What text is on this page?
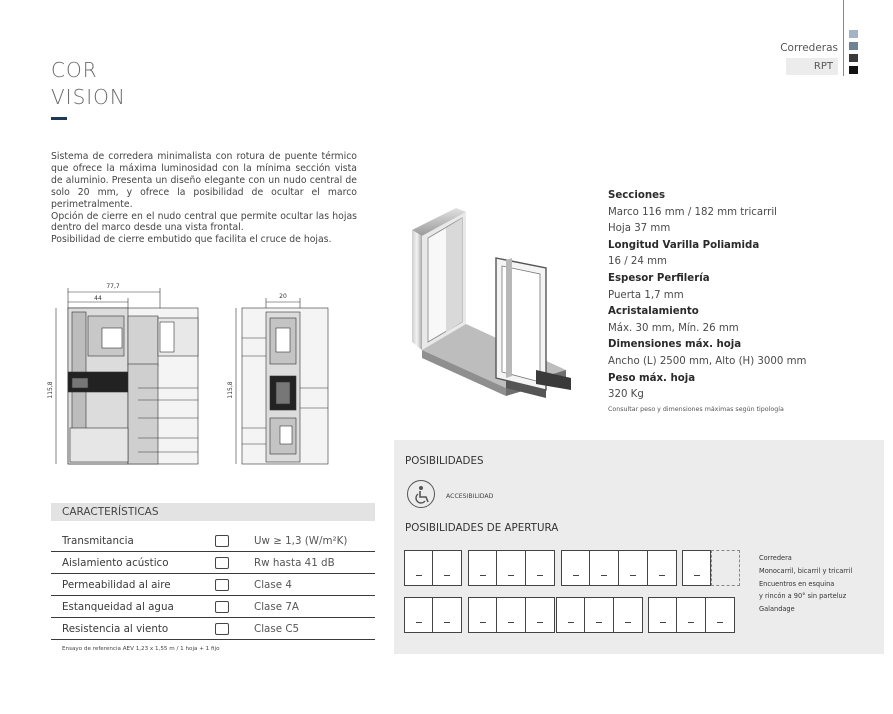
Correderas
RPT
COR
VISION

Sistema de corredera minimalista con rotura de puente térmico que ofrece la máxima luminosidad con la mínima sección vista de aluminio. Presenta un diseño elegante con un nudo central de solo 20 mm, y ofrece la posibilidad de ocultar el marco perimetralmente.

Opción de cierre en el nudo central que permite ocultar las hojas dentro del marco desde una vista frontal.

Posibilidad de cierre embutido que facilita el cruce de hojas.

77,7
44	20
115,8	115,8
Secciones
Marco 116 mm / 182 mm tricarril
Hoja 37 mm
Longitud Varilla Poliamida
16 / 24 mm
Espesor Perfilería
Puerta 1,7 mm
Acristalamiento
Máx. 30 mm, Mín. 26 mm
Dimensiones máx. hoja
Ancho (L) 2500 mm, Alto (H) 3000 mm
Peso máx. hoja
320 Kg
Consultar peso y dimensiones máximas según tipología
CARACTERÍSTICAS
Transmitancia	Uw ≥ 1,3 (W/m²K)
Aislamiento acústico	Rw hasta 41 dB
Permeabilidad al aire	Clase 4
Estanqueidad al agua	Clase 7A
Resistencia al viento	Clase C5
Ensayo de referencia AEV 1,23 x 1,55 m / 1 hoja + 1 fijo
POSIBILIDADES
ACCESIBILIDAD
POSIBILIDADES DE APERTURA
Corredera
Monocarril, bicarril y tricarril
Encuentros en esquina
y rincón a 90° sin parteluz
Galandage
